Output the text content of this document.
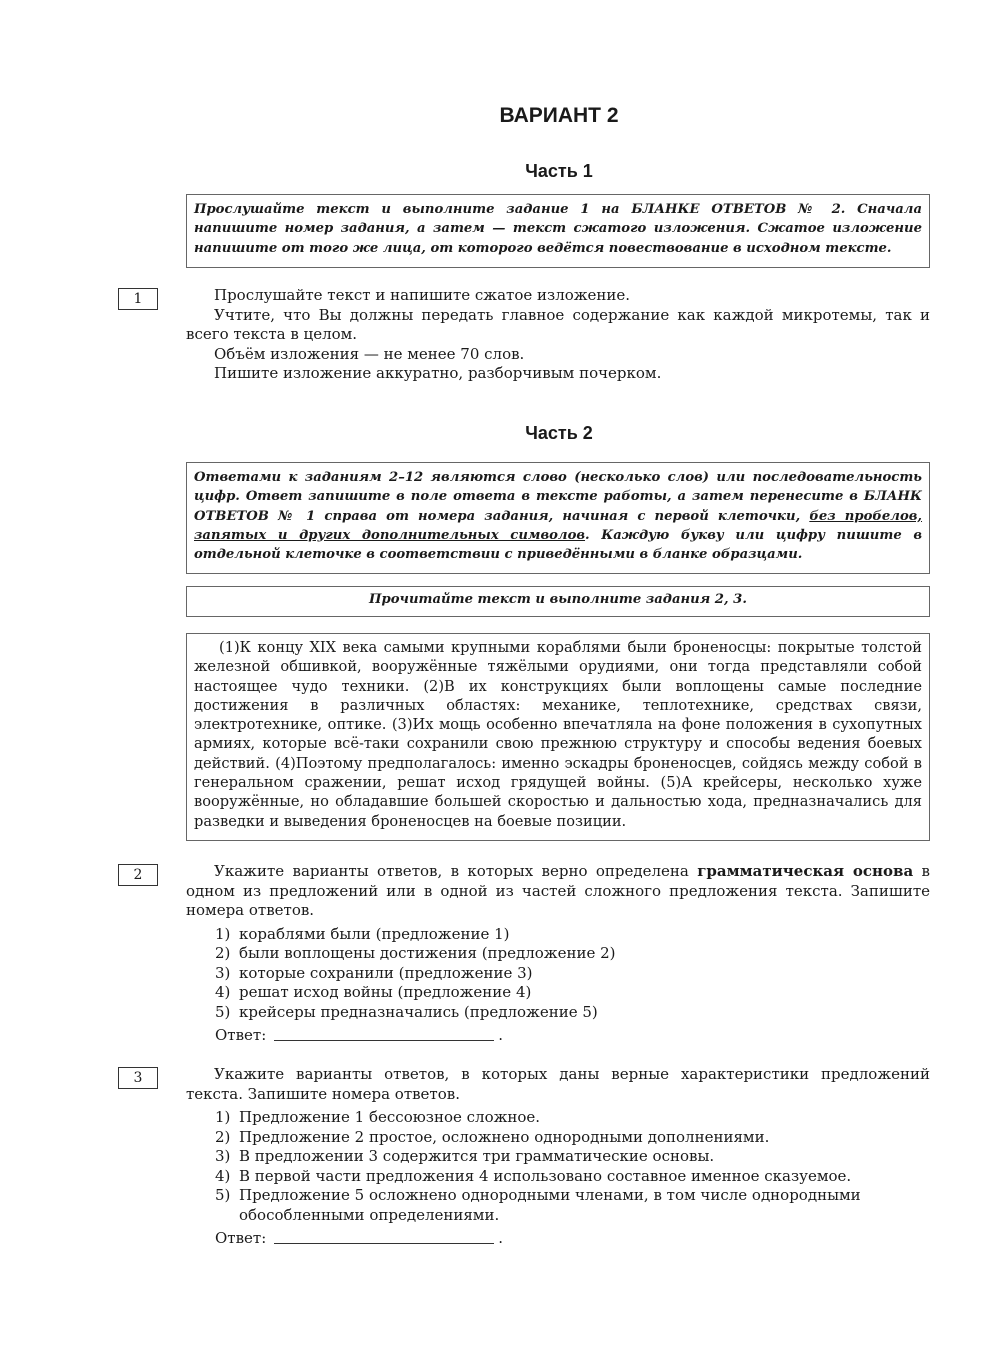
ВАРИАНТ 2
Часть 1
Прослушайте текст и выполните задание 1 на БЛАНКЕ ОТВЕТОВ № 2. Сначала напишите номер задания, а затем — текст сжатого изложения. Сжатое изложение напишите от того же лица, от которого ведётся повествование в исходном тексте.
1	Прослушайте текст и напишите сжатое изложение.

Учтите, что Вы должны передать главное содержание как каждой микротемы, так и всего текста в целом.

Объём изложения — не менее 70 слов.

Пишите изложение аккуратно, разборчивым почерком.

Часть 2
Ответами к заданиям 2–12 являются слово (несколько слов) или последовательность цифр. Ответ запишите в поле ответа в тексте работы, а затем перенесите в БЛАНК ОТВЕТОВ № 1 справа от номера задания, начиная с первой клеточки, без пробелов, запятых и других дополнительных символов. Каждую букву или цифру пишите в отдельной клеточке в соответствии с приведёнными в бланке образцами.
Прочитайте текст и выполните задания 2, 3.
(1)К концу XIX века самыми крупными кораблями были броненосцы: покрытые толстой железной обшивкой, вооружённые тяжёлыми орудиями, они тогда представляли собой настоящее чудо техники. (2)В их конструкциях были воплощены самые последние достижения в различных областях: механике, теплотехнике, средствах связи, электротехнике, оптике. (3)Их мощь особенно впечатляла на фоне положения в сухопутных армиях, которые всё-таки сохранили свою прежнюю структуру и способы ведения боевых действий. (4)Поэтому предполагалось: именно эскадры броненосцев, сойдясь между собой в генеральном сражении, решат исход грядущей войны. (5)А крейсеры, несколько хуже вооружённые, но обладавшие большей скоростью и дальностью хода, предназначались для разведки и выведения броненосцев на боевые позиции.
2	Укажите варианты ответов, в которых верно определена грамматическая основа в одном из предложений или в одной из частей сложного предложения текста. Запишите номера ответов.

1) кораблями были (предложение 1)
2) были воплощены достижения (предложение 2)
3) которые сохранили (предложение 3)
4) решат исход войны (предложение 4)
5) крейсеры предназначались (предложение 5)
Ответ:	.
3	Укажите варианты ответов, в которых даны верные характеристики предложений текста. Запишите номера ответов.

1) Предложение 1 бессоюзное сложное.
2) Предложение 2 простое, осложнено однородными дополнениями.
3) В предложении 3 содержится три грамматические основы.
4) В первой части предложения 4 использовано составное именное сказуемое.
5) Предложение 5 осложнено однородными членами, в том числе однородными обособленными определениями.
Ответ:	.
